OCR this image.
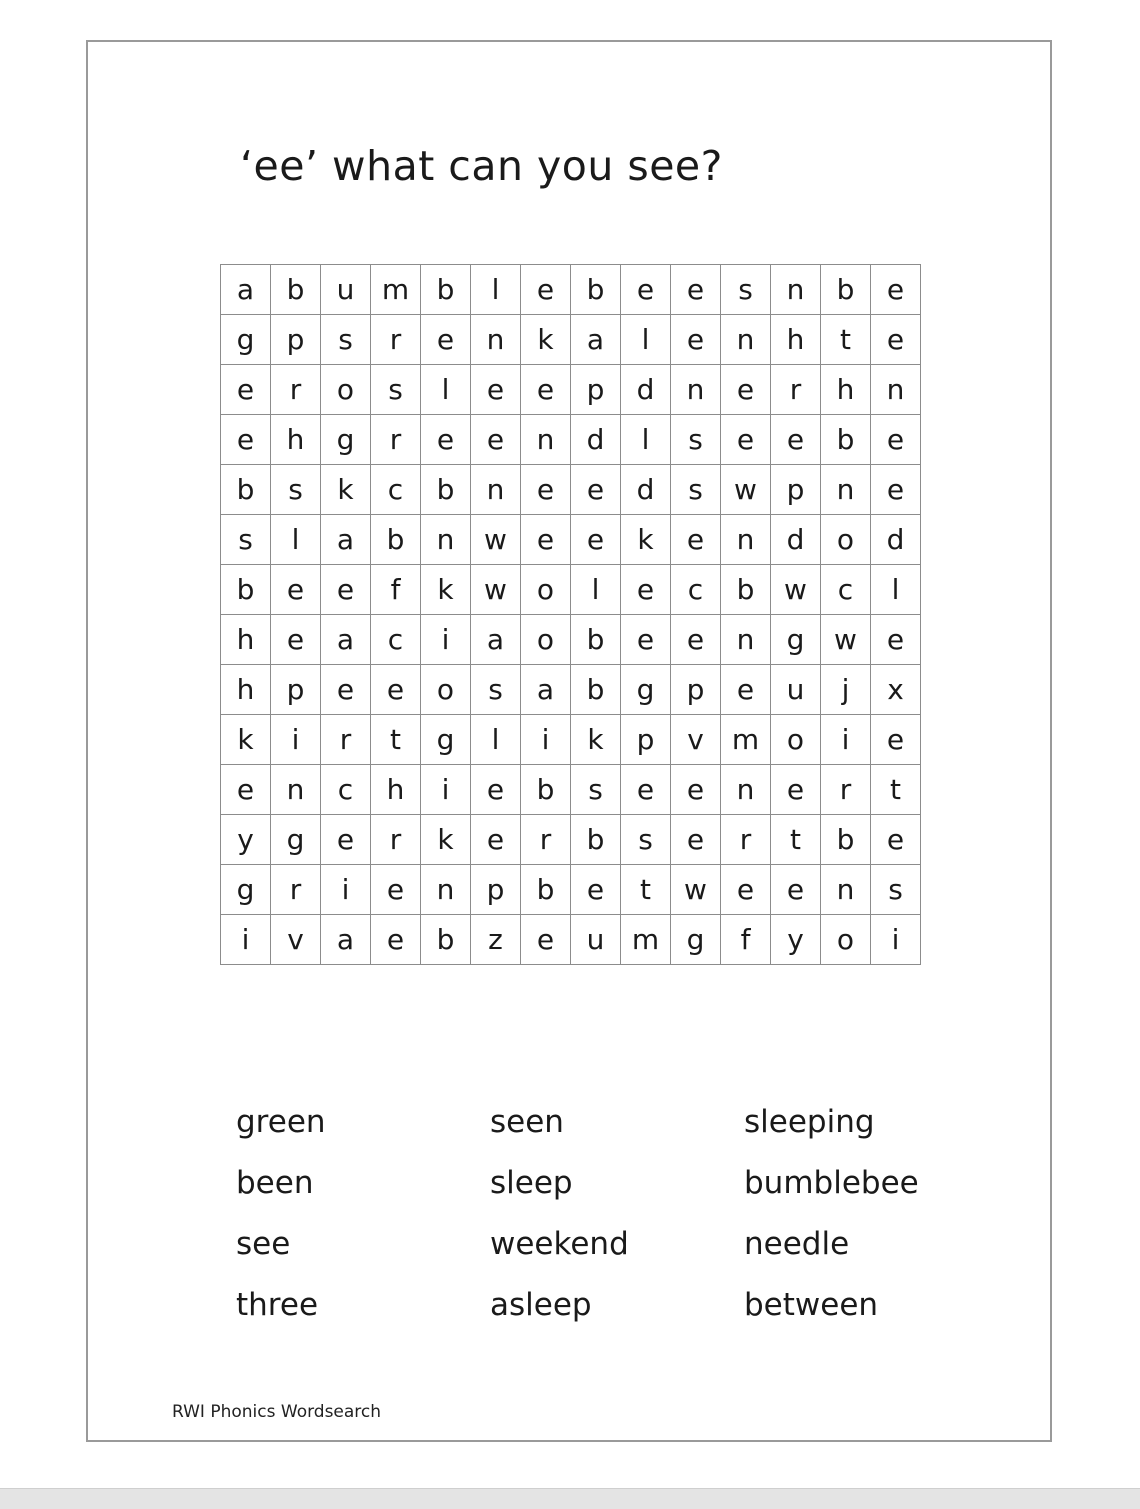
‘ee’ what can you see?
a	b	u	m	b	l	e	b	e	e	s	n	b	e
g	p	s	r	e	n	k	a	l	e	n	h	t	e
e	r	o	s	l	e	e	p	d	n	e	r	h	n
e	h	g	r	e	e	n	d	l	s	e	e	b	e
b	s	k	c	b	n	e	e	d	s	w	p	n	e
s	l	a	b	n	w	e	e	k	e	n	d	o	d
b	e	e	f	k	w	o	l	e	c	b	w	c	l
h	e	a	c	i	a	o	b	e	e	n	g	w	e
h	p	e	e	o	s	a	b	g	p	e	u	j	x
k	i	r	t	g	l	i	k	p	v	m	o	i	e
e	n	c	h	i	e	b	s	e	e	n	e	r	t
y	g	e	r	k	e	r	b	s	e	r	t	b	e
g	r	i	e	n	p	b	e	t	w	e	e	n	s
i	v	a	e	b	z	e	u	m	g	f	y	o	i
green	seen	sleeping
been	sleep	bumblebee
see	weekend	needle
three	asleep	between
RWI Phonics Wordsearch
